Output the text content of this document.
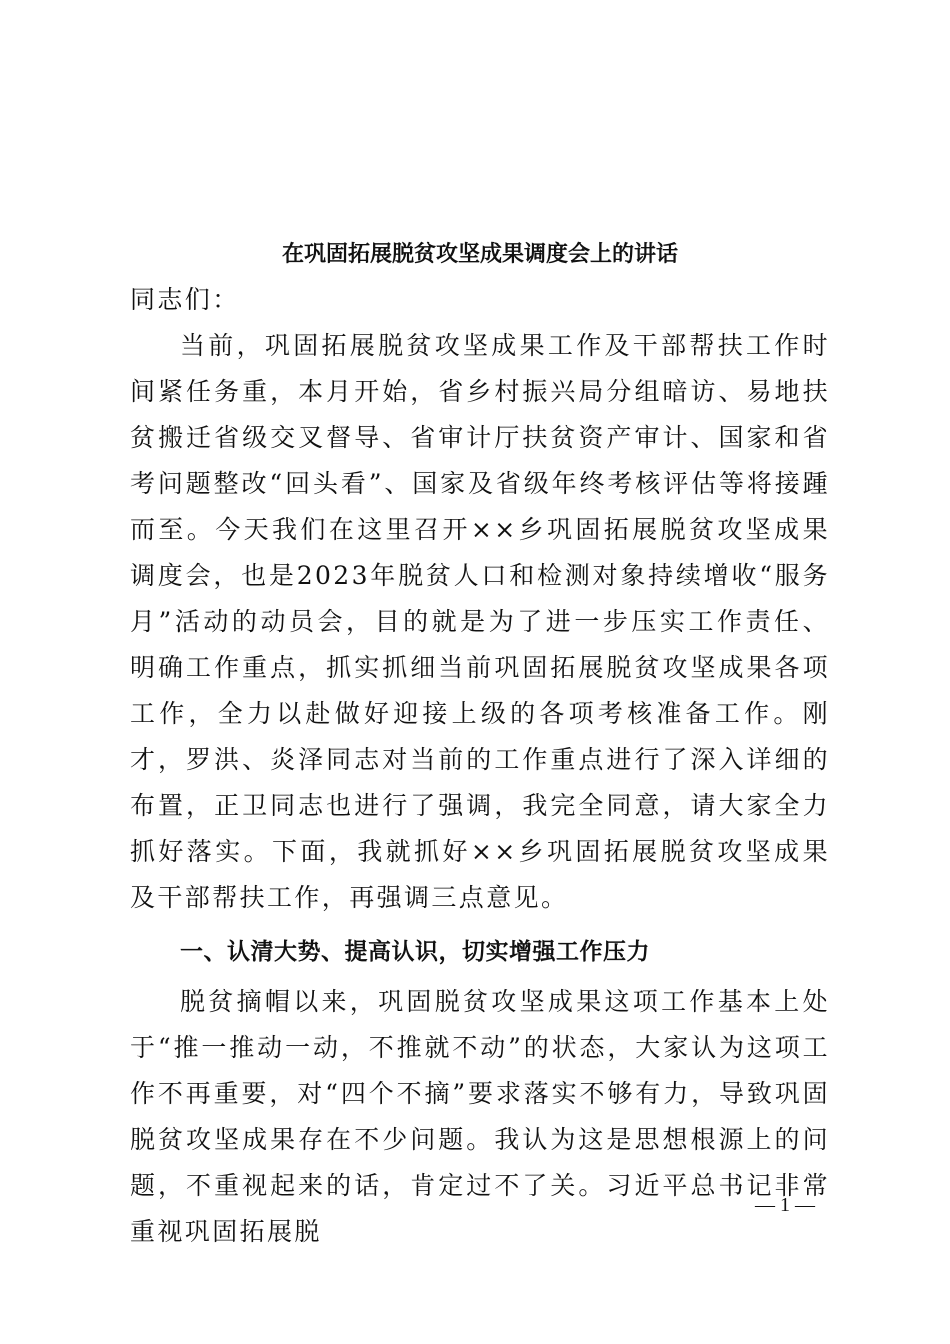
在巩固拓展脱贫攻坚成果调度会上的讲话

同志们：

当前，巩固拓展脱贫攻坚成果工作及干部帮扶工作时间紧任务重，本月开始，省乡村振兴局分组暗访、易地扶贫搬迁省级交叉督导、省审计厅扶贫资产审计、国家和省考问题整改“回头看”、国家及省级年终考核评估等将接踵而至。今天我们在这里召开××乡巩固拓展脱贫攻坚成果调度会，也是2023年脱贫人口和检测对象持续增收“服务月”活动的动员会，目的就是为了进一步压实工作责任、明确工作重点，抓实抓细当前巩固拓展脱贫攻坚成果各项工作，全力以赴做好迎接上级的各项考核准备工作。刚才，罗洪、炎泽同志对当前的工作重点进行了深入详细的布置，正卫同志也进行了强调，我完全同意，请大家全力抓好落实。下面，我就抓好××乡巩固拓展脱贫攻坚成果及干部帮扶工作，再强调三点意见。

一、认清大势、提高认识，切实增强工作压力

脱贫摘帽以来，巩固脱贫攻坚成果这项工作基本上处于“推一推动一动，不推就不动”的状态，大家认为这项工作不再重要，对“四个不摘”要求落实不够有力，导致巩固脱贫攻坚成果存在不少问题。我认为这是思想根源上的问题，不重视起来的话，肯定过不了关。习近平总书记非常重视巩固拓展脱

— 1 —
